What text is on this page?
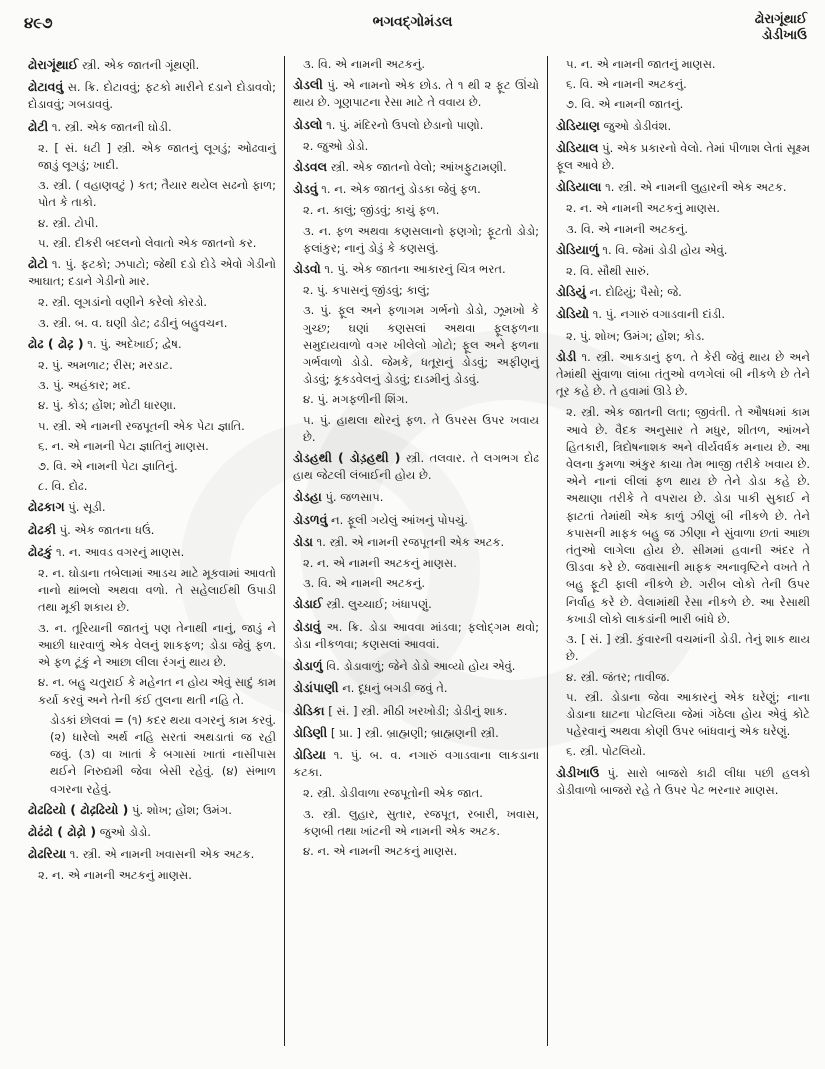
૪૯૭	ભગવદ્ગોમંડલ	ઢોરાગૂંથાઈ
ડોડીખાઉ
ઢોરાગૂંથાઈ સ્ત્રી. એક જાતની ગૂંથણી.
ઢોટાવવું સ. ક્રિ. દોટાવવું; ફટકો મારીને દડાને દોડાવવો; દોડાવવું; ગબડાવવું.
ઢોટી ૧. સ્ત્રી. એક જાતની ઘોડી.
૨. [ સં. ધટી ] સ્ત્રી. એક જાતનું લૂગડું; ઓઢવાનું જાડું લૂગડું; ખાદી.
૩. સ્ત્રી. ( વહાણવટું ) કત; તૈયાર થયેલ સઢનો ફાળ; પોત કે તાકો.
૪. સ્ત્રી. ટોપી.
૫. સ્ત્રી. દીકરી બદલનો લેવાતો એક જાતનો કર.
ઢોટો ૧. પું. ફટકો; ઝપાટો; જેથી દડો દોડે એવો ગેડીનો આઘાત; દડાને ગેડીનો માર.
૨. સ્ત્રી. લૂગડાંનો વણીને કરેલો કોરડો.
૩. સ્ત્રી. બ. વ. ઘણી ડોટ; ઢડીનું બહુવચન.
ઢોઢ ( ઢોઢ઼ ) ૧. પું. અદેખાઈ; દ્વેષ.
૨. પું. અમળાટ; રીસ; મરડાટ.
૩. પું. અહંકાર; મદ.
૪. પું. કોડ; હોંશ; મોટી ધારણા.
૫. સ્ત્રી. એ નામની રજપૂતની એક પેટા જ્ઞાતિ.
૬. ન. એ નામની પેટા જ્ઞાતિનું માણસ.
૭. વિ. એ નામની પેટા જ્ઞાતિનું.
૮. વિ. દોઢ.
ઢોઢકાગ પું. સૂડી.
ઢોઢકી પું. એક જાતના ધઉં.
ઢોઢકું ૧. ન. આવડ વગરનું માણસ.
૨. ન. ઘોડાના તબેલામાં આડચ માટે મૂકવામાં આવતો નાનો થાંભલો અથવા વળો. તે સહેલાઈથી ઉપાડી તથા મૂકી શકાય છે.
૩. ન. તૂરિયાની જાતનું પણ તેનાથી નાનું, જાડું ને આછી ધારવાળું એક વેલનું શાકફળ; ડોડા જેવું ફળ. એ ફળ ટૂંકું ને આછા લીલા રંગનું થાય છે.
૪. ન. બહુ ચતુરાઈ કે મહેનત ન હોય એવું સાદું કામ કર્યા કરવું અને તેની કંઈ તુલના થતી નહિ તે.
ડોડકાં છોલવાં = (૧) કદર થયા વગરનું કામ કરવું. (૨) ધારેલો અર્થ નહિ સરતાં અથડાતાં જ રહી જવું. (૩) વા ખાતાં કે બગાસાં ખાતાં નાસીપાસ થઈને નિરુદ્યમી જેવા બેસી રહેવું. (૪) સંભાળ વગરના રહેવું.
ઢોઢઢિયો ( ઢોઢ઼ઢિયો ) પું. શોખ; હોંશ; ઉમંગ.
ઢોઢંઢો ( ઢોઢ઼ો ) જુઓ ડોડો.
ઢોઢરિયા ૧. સ્ત્રી. એ નામની ખવાસની એક અટક.
૨. ન. એ નામની અટકનું માણસ.
૩. વિ. એ નામની અટકનું.
ડોડલી પું. એ નામનો એક છોડ. તે ૧ થી ૨ ફૂટ ઊંચો થાય છે. ગૂણપાટના રેસા માટે તે વવાય છે.
ડોડલો ૧. પું. મંદિરનો ઉપલો છેડાનો પાણો.
૨. જુઓ ડોડો.
ડોડવલ સ્ત્રી. એક જાતનો વેલો; આંખફુટામણી.
ડોડવું ૧. ન. એક જાતનું ડોડકા જેવું ફળ.
૨. ન. કાલું; જીંડવું; કાચું ફળ.
૩. ન. ફળ અથવા કણસલાનો ફણગો; ફૂટતો ડોડો; ફલાંકુર; નાનું ડોડું કે કણસલું.
ડોડવો ૧. પું. એક જાતના આકારનું ચિત્ર ભરત.
૨. પું. કપાસનું જીંડવું; કાલું;
૩. પું. ફૂલ અને ફળાગમ ગર્ભનો ડોડો, ઝૂમખો કે ગુચ્છ; ઘણાં કણસલાં અથવા ફૂલફળના સમુદાયવાળો વગર ખીલેલો ગોટો; ફૂલ અને ફળના ગર્ભવાળો ડોડો. જેમકે, ધતૂરાનું ડોડવું; અફીણનું ડોડવું; કૂકડવેલનું ડોડવું; દાડમીનું ડોડવું.
૪. પું. મગફળીની શિંગ.
૫. પું. હાથલા થોરનું ફળ. તે ઉપરસ ઉપર ખવાય છે.
ડોડહથી ( ડોડ઼હથી ) સ્ત્રી. તલવાર. તે લગભગ દોઢ હાથ જેટલી લંબાઈની હોય છે.
ડોડહા પું. જળસાપ.
ડોડળવું ન. ફૂલી ગયેલું આંખનું પોપચું.
ડોડા ૧. સ્ત્રી. એ નામની રજપૂતની એક અટક.
૨. ન. એ નામની અટકનું માણસ.
૩. વિ. એ નામની અટકનું.
ડોડાઈ સ્ત્રી. લુચ્ચાઈ; ખંધાપણું.
ડોડાવું અ. ક્રિ. ડોડા આવવા માંડવા; ફલોદ્ગમ થવો; ડોડા નીકળવા; કણસલાં આવવાં.
ડોડાળું વિ. ડોડાવાળું; જેને ડોડો આવ્યો હોય એવું.
ડોડાંપાણી ન. દૂધનું બગડી જવું તે.
ડોડિકા [ સં. ] સ્ત્રી. મીઠી ખરખોડી; ડોડીનું શાક.
ડોડિણી [ પ્રા. ] સ્ત્રી. બ્રાહ્મણી; બ્રાહ્મણની સ્ત્રી.
ડોડિયા ૧. પું. બ. વ. નગારું વગાડવાના લાકડાના કટકા.
૨. સ્ત્રી. ડોડીવાળા રજપૂતોની એક જાત.
૩. સ્ત્રી. લુહાર, સુતાર, રજપૂત, રબારી, ખવાસ, કણબી તથા ખાંટની એ નામની એક અટક.
૪. ન. એ નામની અટકનું માણસ.
૫. ન. એ નામની જાતનું માણસ.
૬. વિ. એ નામની અટકનું.
૭. વિ. એ નામની જાતનું.
ડોડિયાણ જુઓ ડોડીવંશ.
ડોડિયાલ પું. એક પ્રકારનો વેલો. તેમાં પીળાશ લેતાં સૂક્ષ્મ ફૂલ આવે છે.
ડોડિયાલા ૧. સ્ત્રી. એ નામની લુહારની એક અટક.
૨. ન. એ નામની અટકનું માણસ.
૩. વિ. એ નામની અટકનું.
ડોડિયાળું ૧. વિ. જેમાં ડોડી હોય એવું.
૨. વિ. સૌથી સારું.
ડોડિયું ન. દોઢિયું; પૈસો; જે.
ડોડિયો ૧. પું. નગારું વગાડવાની દાંડી.
૨. પું. શોખ; ઉમંગ; હોંશ; કોડ.
ડોડી ૧. સ્ત્રી. આકડાનું ફળ. તે કેરી જેવું થાય છે અને તેમાંથી સુંવાળા લાંબા તંતુઓ વળગેલાં બી નીકળે છે તેને તૂર કહે છે. તે હવામાં ઊડે છે.
૨. સ્ત્રી. એક જાતની લતા; જીવંતી. તે ઔષધમાં કામ આવે છે. વૈદક અનુસાર તે મધુર, શીતળ, આંખને હિતકારી, ત્રિદોષનાશક અને વીર્યવર્ધક મનાય છે. આ વેલના કુમળા અંકુર કાચા તેમ ભાજી તરીકે ખવાય છે. એને નાનાં લીલાં ફળ થાય છે તેને ડોડા કહે છે. અથાણા તરીકે તે વપરાય છે. ડોડા પાકી સુકાઈ ને ફાટતાં તેમાંથી એક કાળું ઝીણું બી નીકળે છે. તેને કપાસની માફક બહુ જ ઝીણા ને સુંવાળા છતાં આછા તંતુઓ લાગેલા હોય છે. સીમમાં હવાની અંદર તે ઊડવા કરે છે. જવાસાની માફક અનાવૃષ્ટિને વખતે તે બહુ ફૂટી ફાલી નીકળે છે. ગરીબ લોકો તેની ઉપર નિર્વાહ કરે છે. વેલામાંથી રેસા નીકળે છે. આ રેસાથી કખાડી લોકો લાકડાંની ભારી બાંધે છે.
૩. [ સં. ] સ્ત્રી. કુંવારની વચમાંની ડોડી. તેનું શાક થાય છે.
૪. સ્ત્રી. જંતર; તાવીજ.
૫. સ્ત્રી. ડોડાના જેવા આકારનું એક ઘરેણું; નાના ડોડાના ઘાટના પોટલિયા જેમાં ગંઠેલા હોય એવું કોટે પહેરવાનું અથવા કોણી ઉપર બાંધવાનું એક ઘરેણું.
૬. સ્ત્રી. પોટલિયો.
ડોડીખાઉ પું. સારો બાજરો કાઢી લીધા પછી હલકો ડોડીવાળો બાજરો રહે તે ઉપર પેટ ભરનાર માણસ.
